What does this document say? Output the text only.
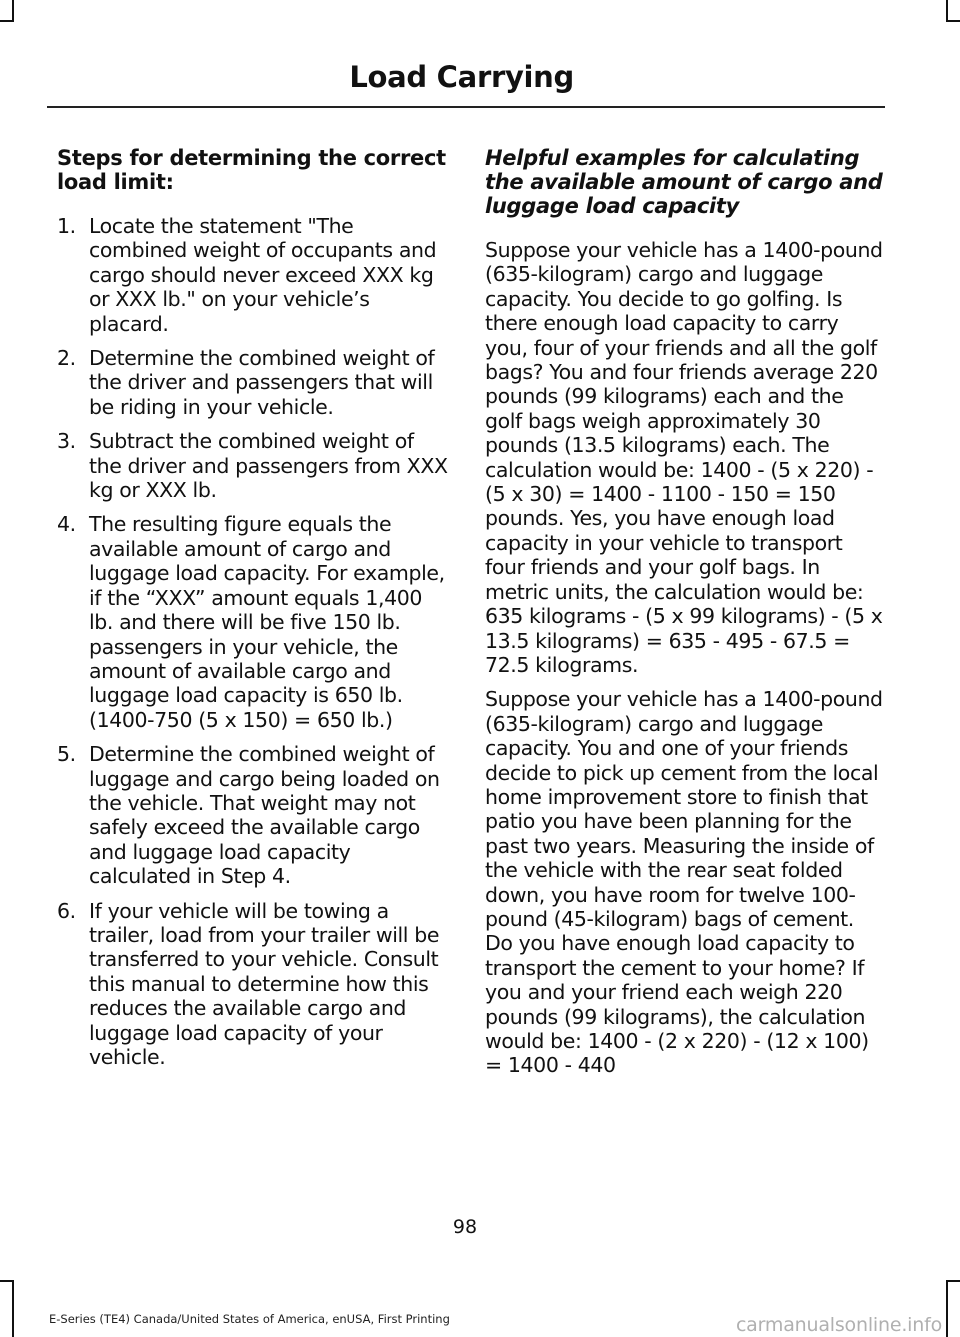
Load Carrying
Steps for determining the correct load limit:
1. Locate the statement "The combined weight of occupants and cargo should never exceed XXX kg or XXX lb." on your vehicle’s placard.
2. Determine the combined weight of the driver and passengers that will be riding in your vehicle.
3. Subtract the combined weight of the driver and passengers from XXX kg or XXX lb.
4. The resulting figure equals the available amount of cargo and luggage load capacity. For example, if the “XXX” amount equals 1,400 lb. and there will be five 150 lb. passengers in your vehicle, the amount of available cargo and luggage load capacity is 650 lb. (1400-750 (5 x 150) = 650 lb.)
5. Determine the combined weight of luggage and cargo being loaded on the vehicle. That weight may not safely exceed the available cargo and luggage load capacity calculated in Step 4.
6. If your vehicle will be towing a trailer, load from your trailer will be transferred to your vehicle. Consult this manual to determine how this reduces the available cargo and luggage load capacity of your vehicle.
Helpful examples for calculating the available amount of cargo and luggage load capacity

Suppose your vehicle has a 1400-pound (635-kilogram) cargo and luggage capacity. You decide to go golfing. Is there enough load capacity to carry you, four of your friends and all the golf bags? You and four friends average 220 pounds (99 kilograms) each and the golf bags weigh approximately 30 pounds (13.5 kilograms) each. The calculation would be: 1400 - (5 x 220) - (5 x 30) = 1400 - 1100 - 150 = 150 pounds. Yes, you have enough load capacity in your vehicle to transport four friends and your golf bags. In metric units, the calculation would be: 635 kilograms - (5 x 99 kilograms) - (5 x 13.5 kilograms) = 635 - 495 - 67.5 = 72.5 kilograms.

Suppose your vehicle has a 1400-pound (635-kilogram) cargo and luggage capacity. You and one of your friends decide to pick up cement from the local home improvement store to finish that patio you have been planning for the past two years. Measuring the inside of the vehicle with the rear seat folded down, you have room for twelve 100-pound (45-kilogram) bags of cement. Do you have enough load capacity to transport the cement to your home? If you and your friend each weigh 220 pounds (99 kilograms), the calculation would be: 1400 - (2 x 220) - (12 x 100) = 1400 - 440

98
E-Series (TE4) Canada/United States of America, enUSA, First Printing	carmanualsonline.info
